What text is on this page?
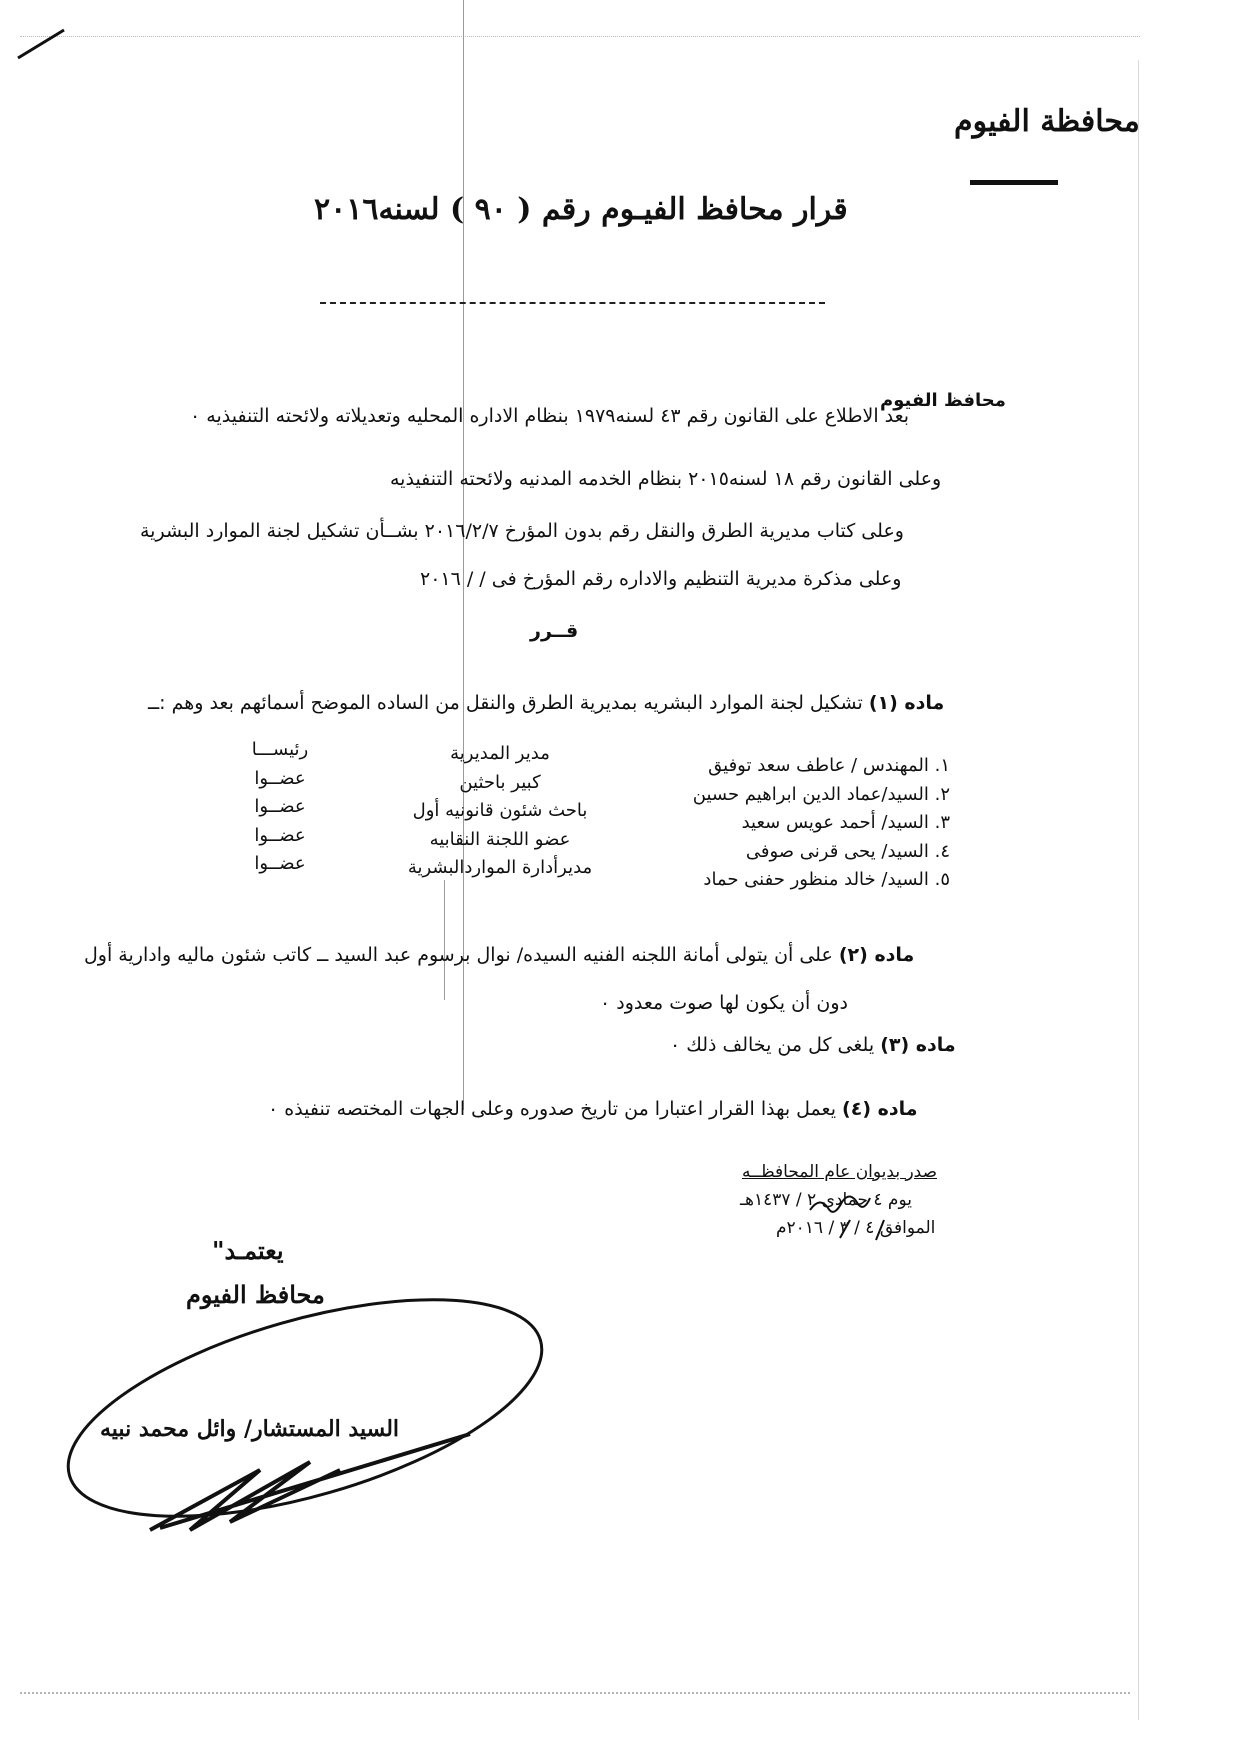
محافظة الفيوم
قرار محافظ الفيـوم رقم ( ٩٠ ) لسنه٢٠١٦
محافظ الفيوم
بعد الاطلاع على القانون رقم ٤٣ لسنه١٩٧٩ بنظام الاداره المحليه وتعديلاته ولائحته التنفيذيه ٠
وعلى القانون رقم ١٨ لسنه٢٠١٥ بنظام الخدمه المدنيه ولائحته التنفيذيه
وعلى كتاب مديرية الطرق والنقل رقم بدون المؤرخ ٢٠١٦/٢/٧ بشــأن تشكيل لجنة الموارد البشرية
وعلى مذكرة مديرية التنظيم والاداره رقم المؤرخ فى / / ٢٠١٦
قــرر
ماده (١) تشكيل لجنة الموارد البشريه بمديرية الطرق والنقل من الساده الموضح أسمائهم بعد وهم :ــ
١. المهندس / عاطف سعد توفيق
٢. السيد/عماد الدين ابراهيم حسين
٣. السيد/ أحمد عويس سعيد
٤. السيد/ يحى قرنى صوفى
٥. السيد/ خالد منظور حفنى حماد
مدير المديرية
كبير باحثين
باحث شئون قانونيه أول
عضو اللجنة النقابيه
مديرأدارة المواردالبشرية
رئيســـا
عضــوا
عضــوا
عضــوا
عضــوا
ماده (٢) على أن يتولى أمانة اللجنه الفنيه السيده/ نوال برسوم عبد السيد ــ كاتب شئون ماليه وادارية أول
دون أن يكون لها صوت معدود ٠
ماده (٣) يلغى كل من يخالف ذلك ٠
ماده (٤) يعمل بهذا القرار اعتبارا من تاريخ صدوره وعلى الجهات المختصه تنفيذه ٠
صدر بديوان عام المحافظــه
يوم ٤ جمادى ٢ / ١٤٣٧هـ
الموافق ٤ / ٣ / ٢٠١٦م
يعتمـد"
محافظ الفيوم
السيد المستشار/ وائل محمد نبيه
